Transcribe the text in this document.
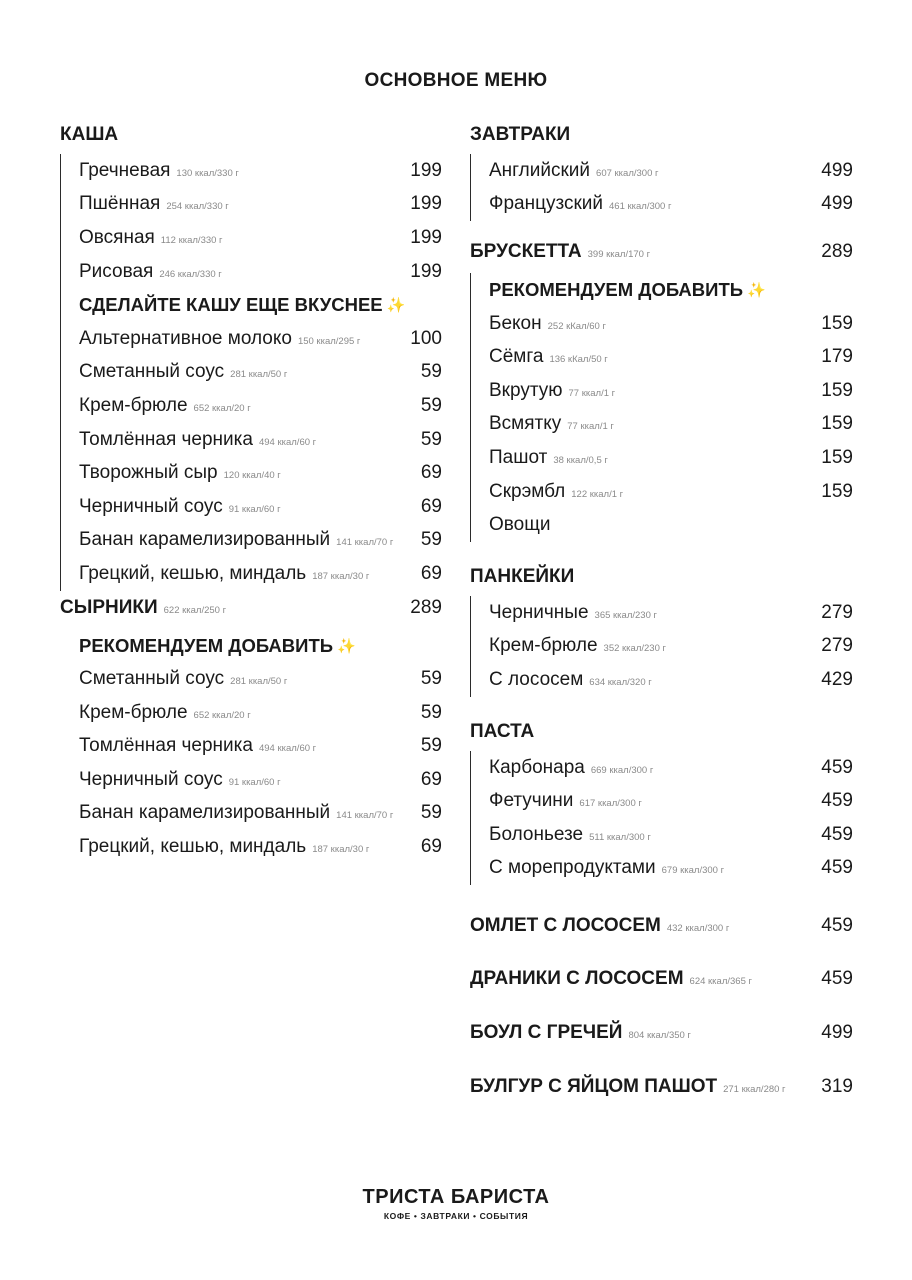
ОСНОВНОЕ МЕНЮ
КАША
Гречневая 130 ккал/330 г	199
Пшённая 254 ккал/330 г	199
Овсяная 112 ккал/330 г	199
Рисовая 246 ккал/330 г	199
СДЕЛАЙТЕ КАШУ ЕЩЕ ВКУСНЕЕ ✨
Альтернативное молоко 150 ккал/295 г	100
Сметанный соус 281 ккал/50 г	59
Крем-брюле 652 ккал/20 г	59
Томлённая черника 494 ккал/60 г	59
Творожный сыр 120 ккал/40 г	69
Черничный соус 91 ккал/60 г	69
Банан карамелизированный 141 ккал/70 г 59
Грецкий, кешью, миндаль 187 ккал/30 г	69
СЫРНИКИ 622 ккал/250 г	289
РЕКОМЕНДУЕМ ДОБАВИТЬ ✨
Сметанный соус 281 ккал/50 г	59
Крем-брюле 652 ккал/20 г	59
Томлённая черника 494 ккал/60 г	59
Черничный соус 91 ккал/60 г	69
Банан карамелизированный 141 ккал/70 г 59
Грецкий, кешью, миндаль 187 ккал/30 г	69
ЗАВТРАКИ
Английский 607 ккал/300 г	499
Французский 461 ккал/300 г	499
БРУСКЕТТА 399 ккал/170 г	289
РЕКОМЕНДУЕМ ДОБАВИТЬ ✨
Бекон 252 кКал/60 г	159
Сёмга 136 кКал/50 г	179
Вкрутую 77 ккал/1 г	159
Всмятку 77 ккал/1 г	159
Пашот 38 ккал/0,5 г	159
Скрэмбл 122 ккал/1 г	159
Овощи
ПАНКЕЙКИ
Черничные 365 ккал/230 г	279
Крем-брюле 352 ккал/230 г	279
С лососем 634 ккал/320 г	429
ПАСТА
Карбонара 669 ккал/300 г	459
Фетучини 617 ккал/300 г	459
Болоньезе 511 ккал/300 г	459
С морепродуктами 679 ккал/300 г	459
ОМЛЕТ С ЛОСОСЕМ 432 ккал/300 г	459
ДРАНИКИ С ЛОСОСЕМ 624 ккал/365 г	459
БОУЛ С ГРЕЧЕЙ 804 ккал/350 г	499
БУЛГУР С ЯЙЦОМ ПАШОТ 271 ккал/280 г 319
ТРИСТА БАРИСТА
КОФЕ • ЗАВТРАКИ • СОБЫТИЯ
